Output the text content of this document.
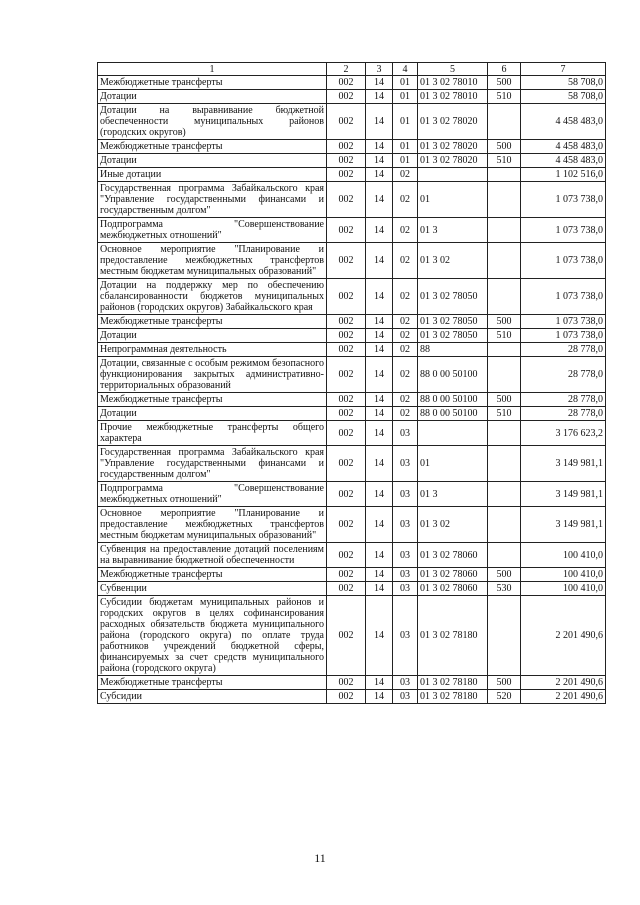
1	2	3	4	5	6	7
Межбюджетные трансферты	002	14	01	01 3 02 78010	500	58 708,0
Дотации	002	14	01	01 3 02 78010	510	58 708,0
Дотации на выравнивание бюджетной обеспеченности муниципальных районов (городских округов)	002	14	01	01 3 02 78020		4 458 483,0
Межбюджетные трансферты	002	14	01	01 3 02 78020	500	4 458 483,0
Дотации	002	14	01	01 3 02 78020	510	4 458 483,0
Иные дотации	002	14	02			1 102 516,0
Государственная программа Забайкальского края "Управление государственными финансами и государственным долгом"	002	14	02	01		1 073 738,0
Подпрограмма "Совершенствование межбюджетных отношений"	002	14	02	01 3		1 073 738,0
Основное мероприятие "Планирование и предоставление межбюджетных трансфертов местным бюджетам муниципальных образований"	002	14	02	01 3 02		1 073 738,0
Дотации на поддержку мер по обеспечению сбалансированности бюджетов муниципальных районов (городских округов) Забайкальского края	002	14	02	01 3 02 78050		1 073 738,0
Межбюджетные трансферты	002	14	02	01 3 02 78050	500	1 073 738,0
Дотации	002	14	02	01 3 02 78050	510	1 073 738,0
Непрограммная деятельность	002	14	02	88		28 778,0
Дотации, связанные с особым режимом безопасного функционирования закрытых административно-территориальных образований	002	14	02	88 0 00 50100		28 778,0
Межбюджетные трансферты	002	14	02	88 0 00 50100	500	28 778,0
Дотации	002	14	02	88 0 00 50100	510	28 778,0
Прочие межбюджетные трансферты общего характера	002	14	03			3 176 623,2
Государственная программа Забайкальского края "Управление государственными финансами и государственным долгом"	002	14	03	01		3 149 981,1
Подпрограмма "Совершенствование межбюджетных отношений"	002	14	03	01 3		3 149 981,1
Основное мероприятие "Планирование и предоставление межбюджетных трансфертов местным бюджетам муниципальных образований"	002	14	03	01 3 02		3 149 981,1
Субвенция на предоставление дотаций поселениям на выравнивание бюджетной обеспеченности	002	14	03	01 3 02 78060		100 410,0
Межбюджетные трансферты	002	14	03	01 3 02 78060	500	100 410,0
Субвенции	002	14	03	01 3 02 78060	530	100 410,0
Субсидии бюджетам муниципальных районов и городских округов в целях софинансирования расходных обязательств бюджета муниципального района (городского округа) по оплате труда работников учреждений бюджетной сферы, финансируемых за счет средств муниципального района (городского округа)	002	14	03	01 3 02 78180		2 201 490,6
Межбюджетные трансферты	002	14	03	01 3 02 78180	500	2 201 490,6
Субсидии	002	14	03	01 3 02 78180	520	2 201 490,6
11
